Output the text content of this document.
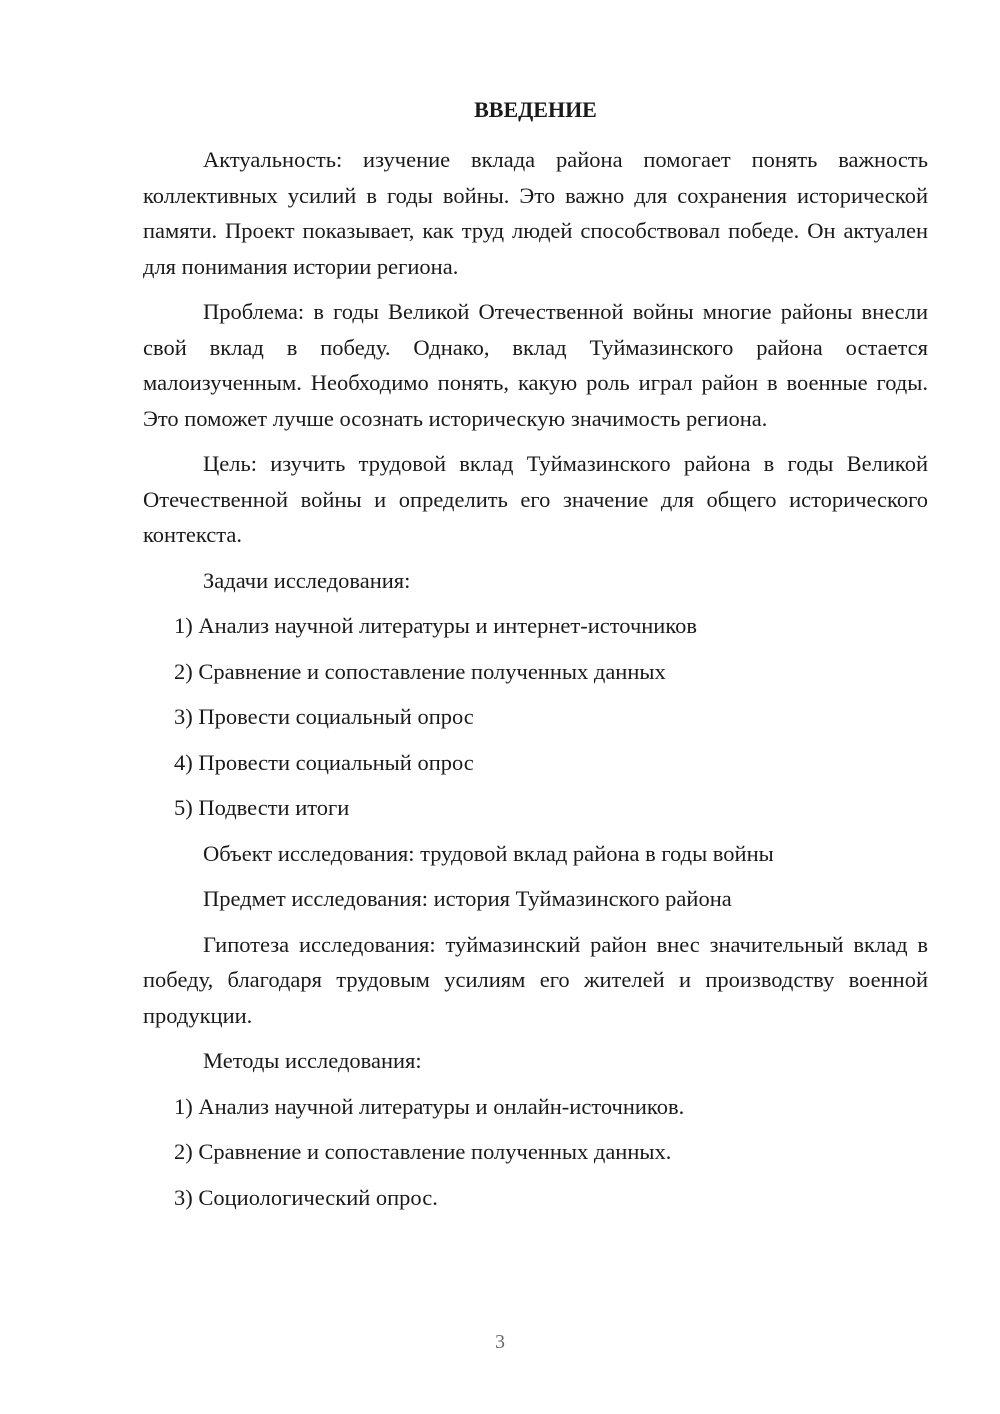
ВВЕДЕНИЕ
Актуальность: изучение вклада района помогает понять важность коллективных усилий в годы войны. Это важно для сохранения исторической памяти. Проект показывает, как труд людей способствовал победе. Он актуален для понимания истории региона.
Проблема: в годы Великой Отечественной войны многие районы внесли свой вклад в победу. Однако, вклад Туймазинского района остается малоизученным. Необходимо понять, какую роль играл район в военные годы. Это поможет лучше осознать историческую значимость региона.
Цель: изучить трудовой вклад Туймазинского района в годы Великой Отечественной войны и определить его значение для общего исторического контекста.
Задачи исследования:
1) Анализ научной литературы и интернет-источников
2) Сравнение и сопоставление полученных данных
3) Провести социальный опрос
4) Провести социальный опрос
5) Подвести итоги
Объект исследования: трудовой вклад района в годы войны
Предмет исследования: история Туймазинского района
Гипотеза исследования: туймазинский район внес значительный вклад в победу, благодаря трудовым усилиям его жителей и производству военной продукции.
Методы исследования:
1) Анализ научной литературы и онлайн-источников.
2) Сравнение и сопоставление полученных данных.
3) Социологический опрос.
3
